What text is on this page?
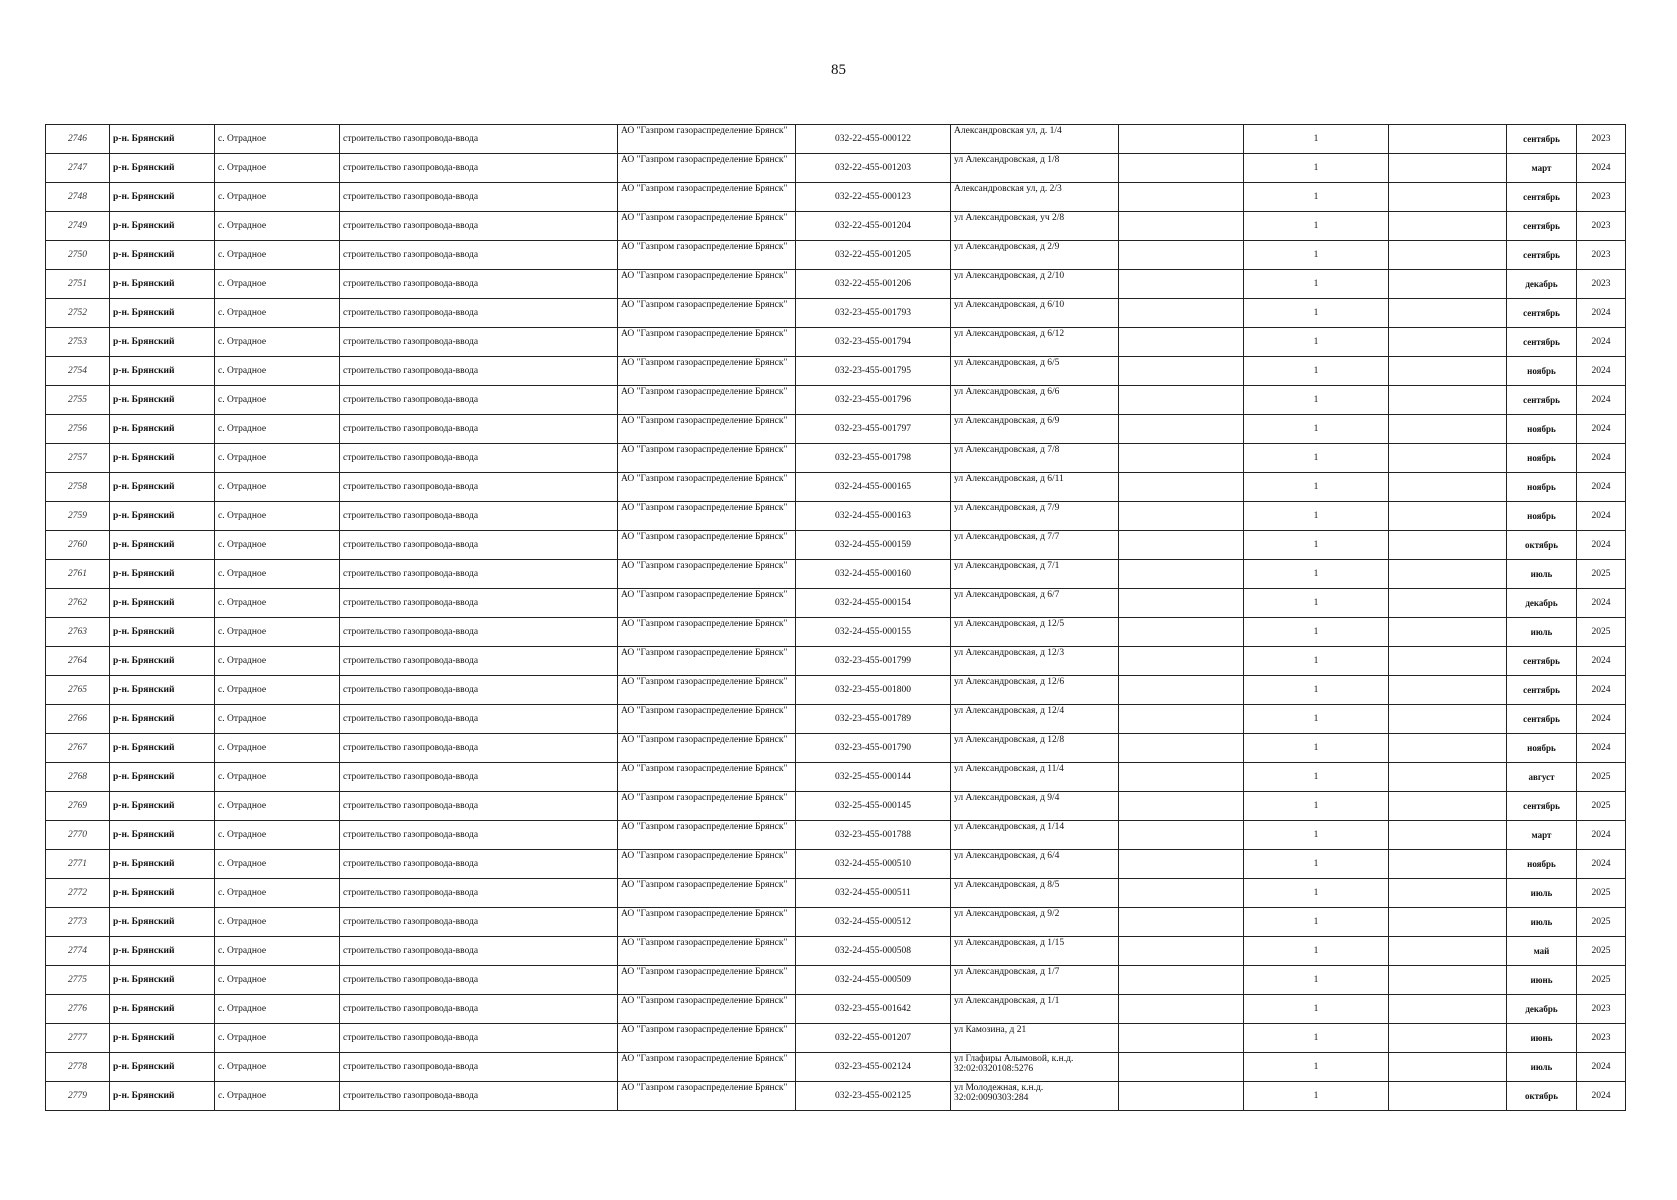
85
2746	р-н. Брянский	с. Отрадное	строительство газопровода-ввода	АО "Газпром газораспределение Брянск"	032-22-455-000122	Александровская ул, д. 1/4		1		сентябрь	2023
2747	р-н. Брянский	с. Отрадное	строительство газопровода-ввода	АО "Газпром газораспределение Брянск"	032-22-455-001203	ул Александровская, д 1/8		1		март	2024
2748	р-н. Брянский	с. Отрадное	строительство газопровода-ввода	АО "Газпром газораспределение Брянск"	032-22-455-000123	Александровская ул, д. 2/3		1		сентябрь	2023
2749	р-н. Брянский	с. Отрадное	строительство газопровода-ввода	АО "Газпром газораспределение Брянск"	032-22-455-001204	ул Александровская, уч 2/8		1		сентябрь	2023
2750	р-н. Брянский	с. Отрадное	строительство газопровода-ввода	АО "Газпром газораспределение Брянск"	032-22-455-001205	ул Александровская, д 2/9		1		сентябрь	2023
2751	р-н. Брянский	с. Отрадное	строительство газопровода-ввода	АО "Газпром газораспределение Брянск"	032-22-455-001206	ул Александровская, д 2/10		1		декабрь	2023
2752	р-н. Брянский	с. Отрадное	строительство газопровода-ввода	АО "Газпром газораспределение Брянск"	032-23-455-001793	ул Александровская, д 6/10		1		сентябрь	2024
2753	р-н. Брянский	с. Отрадное	строительство газопровода-ввода	АО "Газпром газораспределение Брянск"	032-23-455-001794	ул Александровская, д 6/12		1		сентябрь	2024
2754	р-н. Брянский	с. Отрадное	строительство газопровода-ввода	АО "Газпром газораспределение Брянск"	032-23-455-001795	ул Александровская, д 6/5		1		ноябрь	2024
2755	р-н. Брянский	с. Отрадное	строительство газопровода-ввода	АО "Газпром газораспределение Брянск"	032-23-455-001796	ул Александровская, д 6/6		1		сентябрь	2024
2756	р-н. Брянский	с. Отрадное	строительство газопровода-ввода	АО "Газпром газораспределение Брянск"	032-23-455-001797	ул Александровская, д 6/9		1		ноябрь	2024
2757	р-н. Брянский	с. Отрадное	строительство газопровода-ввода	АО "Газпром газораспределение Брянск"	032-23-455-001798	ул Александровская, д 7/8		1		ноябрь	2024
2758	р-н. Брянский	с. Отрадное	строительство газопровода-ввода	АО "Газпром газораспределение Брянск"	032-24-455-000165	ул Александровская, д 6/11		1		ноябрь	2024
2759	р-н. Брянский	с. Отрадное	строительство газопровода-ввода	АО "Газпром газораспределение Брянск"	032-24-455-000163	ул Александровская, д 7/9		1		ноябрь	2024
2760	р-н. Брянский	с. Отрадное	строительство газопровода-ввода	АО "Газпром газораспределение Брянск"	032-24-455-000159	ул Александровская, д 7/7		1		октябрь	2024
2761	р-н. Брянский	с. Отрадное	строительство газопровода-ввода	АО "Газпром газораспределение Брянск"	032-24-455-000160	ул Александровская, д 7/1		1		июль	2025
2762	р-н. Брянский	с. Отрадное	строительство газопровода-ввода	АО "Газпром газораспределение Брянск"	032-24-455-000154	ул Александровская, д 6/7		1		декабрь	2024
2763	р-н. Брянский	с. Отрадное	строительство газопровода-ввода	АО "Газпром газораспределение Брянск"	032-24-455-000155	ул Александровская, д 12/5		1		июль	2025
2764	р-н. Брянский	с. Отрадное	строительство газопровода-ввода	АО "Газпром газораспределение Брянск"	032-23-455-001799	ул Александровская, д 12/3		1		сентябрь	2024
2765	р-н. Брянский	с. Отрадное	строительство газопровода-ввода	АО "Газпром газораспределение Брянск"	032-23-455-001800	ул Александровская, д 12/6		1		сентябрь	2024
2766	р-н. Брянский	с. Отрадное	строительство газопровода-ввода	АО "Газпром газораспределение Брянск"	032-23-455-001789	ул Александровская, д 12/4		1		сентябрь	2024
2767	р-н. Брянский	с. Отрадное	строительство газопровода-ввода	АО "Газпром газораспределение Брянск"	032-23-455-001790	ул Александровская, д 12/8		1		ноябрь	2024
2768	р-н. Брянский	с. Отрадное	строительство газопровода-ввода	АО "Газпром газораспределение Брянск"	032-25-455-000144	ул Александровская, д 11/4		1		август	2025
2769	р-н. Брянский	с. Отрадное	строительство газопровода-ввода	АО "Газпром газораспределение Брянск"	032-25-455-000145	ул Александровская, д 9/4		1		сентябрь	2025
2770	р-н. Брянский	с. Отрадное	строительство газопровода-ввода	АО "Газпром газораспределение Брянск"	032-23-455-001788	ул Александровская, д 1/14		1		март	2024
2771	р-н. Брянский	с. Отрадное	строительство газопровода-ввода	АО "Газпром газораспределение Брянск"	032-24-455-000510	ул Александровская, д 6/4		1		ноябрь	2024
2772	р-н. Брянский	с. Отрадное	строительство газопровода-ввода	АО "Газпром газораспределение Брянск"	032-24-455-000511	ул Александровская, д 8/5		1		июль	2025
2773	р-н. Брянский	с. Отрадное	строительство газопровода-ввода	АО "Газпром газораспределение Брянск"	032-24-455-000512	ул Александровская, д 9/2		1		июль	2025
2774	р-н. Брянский	с. Отрадное	строительство газопровода-ввода	АО "Газпром газораспределение Брянск"	032-24-455-000508	ул Александровская, д 1/15		1		май	2025
2775	р-н. Брянский	с. Отрадное	строительство газопровода-ввода	АО "Газпром газораспределение Брянск"	032-24-455-000509	ул Александровская, д 1/7		1		июнь	2025
2776	р-н. Брянский	с. Отрадное	строительство газопровода-ввода	АО "Газпром газораспределение Брянск"	032-23-455-001642	ул Александровская, д 1/1		1		декабрь	2023
2777	р-н. Брянский	с. Отрадное	строительство газопровода-ввода	АО "Газпром газораспределение Брянск"	032-22-455-001207	ул Камозина, д 21		1		июнь	2023
2778	р-н. Брянский	с. Отрадное	строительство газопровода-ввода	АО "Газпром газораспределение Брянск"	032-23-455-002124	ул Глафиры Алымовой, к.н.д. 32:02:0320108:5276		1		июль	2024
2779	р-н. Брянский	с. Отрадное	строительство газопровода-ввода	АО "Газпром газораспределение Брянск"	032-23-455-002125	ул Молодежная, к.н.д. 32:02:0090303:284		1		октябрь	2024
